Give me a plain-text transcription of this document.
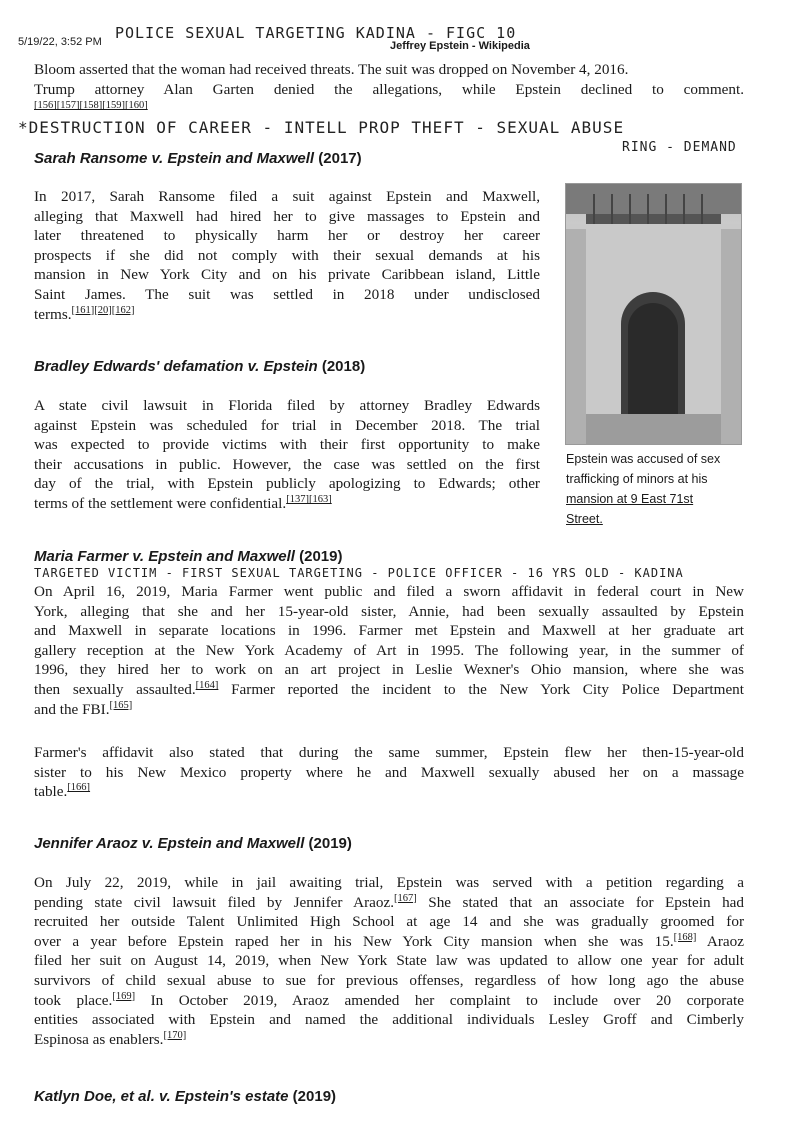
5/19/22, 3:52 PM	Jeffrey Epstein - Wikipedia
POLICE SEXUAL TARGETING KADINA - FIGC 10
Bloom asserted that the woman had received threats. The suit was dropped on November 4, 2016.
Trump attorney Alan Garten denied the allegations, while Epstein declined to comment.
[156][157][158][159][160]
*DESTRUCTION OF CAREER - INTELL PROP THEFT - SEXUAL ABUSE
RING - DEMAND
Sarah Ransome v. Epstein and Maxwell (2017)
In 2017, Sarah Ransome filed a suit against Epstein and Maxwell,
alleging that Maxwell had hired her to give massages to Epstein and
later threatened to physically harm her or destroy her career
prospects if she did not comply with their sexual demands at his
mansion in New York City and on his private Caribbean island, Little
Saint James. The suit was settled in 2018 under undisclosed
terms.[161][20][162]
Epstein was accused of sex
trafficking of minors at his
mansion at 9 East 71st
Street.
Bradley Edwards' defamation v. Epstein (2018)
A state civil lawsuit in Florida filed by attorney Bradley Edwards
against Epstein was scheduled for trial in December 2018. The trial
was expected to provide victims with their first opportunity to make
their accusations in public. However, the case was settled on the first
day of the trial, with Epstein publicly apologizing to Edwards; other
terms of the settlement were confidential.[137][163]
Maria Farmer v. Epstein and Maxwell (2019)
TARGETED VICTIM - FIRST SEXUAL TARGETING - POLICE OFFICER - 16 YRS OLD - KADINA
On April 16, 2019, Maria Farmer went public and filed a sworn affidavit in federal court in New
York, alleging that she and her 15-year-old sister, Annie, had been sexually assaulted by Epstein
and Maxwell in separate locations in 1996. Farmer met Epstein and Maxwell at her graduate art
gallery reception at the New York Academy of Art in 1995. The following year, in the summer of
1996, they hired her to work on an art project in Leslie Wexner's Ohio mansion, where she was
then sexually assaulted.[164] Farmer reported the incident to the New York City Police Department
and the FBI.[165]
Farmer's affidavit also stated that during the same summer, Epstein flew her then-15-year-old
sister to his New Mexico property where he and Maxwell sexually abused her on a massage
table.[166]
Jennifer Araoz v. Epstein and Maxwell (2019)
On July 22, 2019, while in jail awaiting trial, Epstein was served with a petition regarding a
pending state civil lawsuit filed by Jennifer Araoz.[167] She stated that an associate for Epstein had
recruited her outside Talent Unlimited High School at age 14 and she was gradually groomed for
over a year before Epstein raped her in his New York City mansion when she was 15.[168] Araoz
filed her suit on August 14, 2019, when New York State law was updated to allow one year for adult
survivors of child sexual abuse to sue for previous offenses, regardless of how long ago the abuse
took place.[169] In October 2019, Araoz amended her complaint to include over 20 corporate
entities associated with Epstein and named the additional individuals Lesley Groff and Cimberly
Espinosa as enablers.[170]
Katlyn Doe, et al. v. Epstein's estate (2019)
